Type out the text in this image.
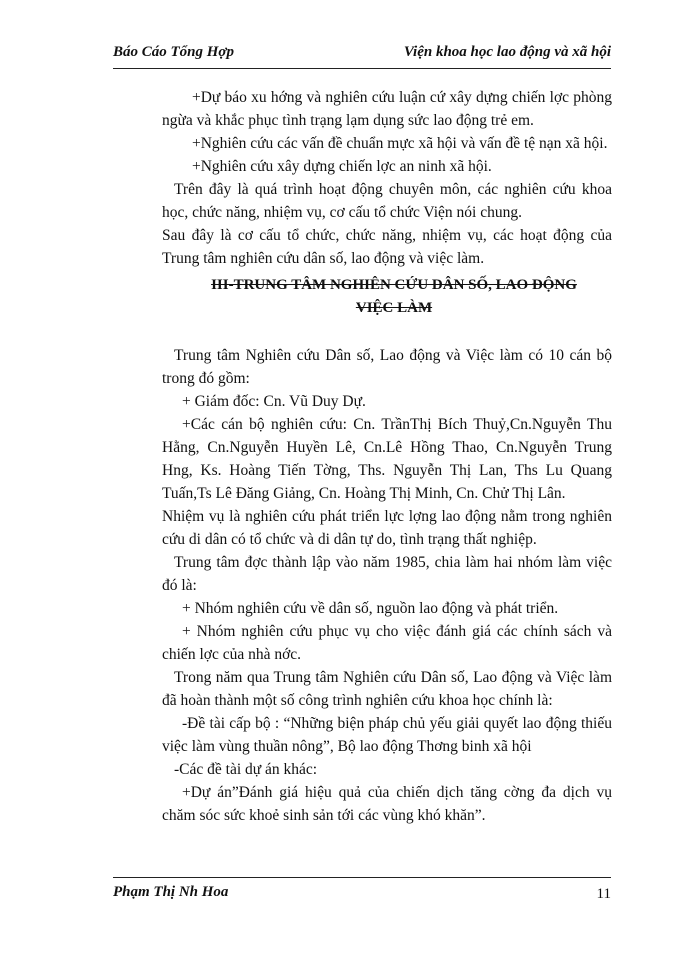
Báo Cáo Tổng Hợp	Viện khoa học lao động và xã hội

+Dự báo xu hớng và nghiên cứu luận cứ xây dựng chiến lợc phòng ngừa và khắc phục tình trạng lạm dụng sức lao động trẻ em.

+Nghiên cứu các vấn đề chuẩn mực xã hội và vấn đề tệ nạn xã hội.

+Nghiên cứu xây dựng chiến lợc an ninh xã hội.

Trên đây là quá trình hoạt động chuyên môn, các nghiên cứu khoa học, chức năng, nhiệm vụ, cơ cấu tổ chức Viện nói chung.

Sau đây là cơ cấu tổ chức, chức năng, nhiệm vụ, các hoạt động của Trung tâm nghiên cứu dân số, lao động và việc làm.

III-TRUNG TÂM NGHIÊN CỨU DÂN SỐ, LAO ĐỘNG
VIỆC LÀM

Trung tâm Nghiên cứu Dân số, Lao động và Việc làm có 10 cán bộ trong đó gồm:

+ Giám đốc: Cn. Vũ Duy Dự.

+Các cán bộ nghiên cứu: Cn. TrầnThị Bích Thuỷ,Cn.Nguyễn Thu Hằng, Cn.Nguyễn Huyền Lê, Cn.Lê Hồng Thao, Cn.Nguyễn Trung Hng, Ks. Hoàng Tiến Tờng, Ths. Nguyễn Thị Lan, Ths Lu Quang Tuấn,Ts Lê Đăng Giảng, Cn. Hoàng Thị Minh, Cn. Chử Thị Lân.

Nhiệm vụ là nghiên cứu phát triển lực lợng lao động nằm trong nghiên cứu di dân có tổ chức và di dân tự do, tình trạng thất nghiệp.

Trung tâm đợc thành lập vào năm 1985, chia làm hai nhóm làm việc đó là:

+ Nhóm nghiên cứu về dân số, nguồn lao động và phát triển.

+ Nhóm nghiên cứu phục vụ cho việc đánh giá các chính sách và chiến lợc của nhà nớc.

Trong năm qua Trung tâm Nghiên cứu Dân số, Lao động và Việc làm đã hoàn thành một số công trình nghiên cứu khoa học chính là:

-Đề tài cấp bộ : “Những biện pháp chủ yếu giải quyết lao động thiếu việc làm vùng thuần nông”, Bộ lao động Thơng binh xã hội

-Các đề tài dự án khác:

+Dự án”Đánh giá hiệu quả của chiến dịch tăng cờng đa dịch vụ chăm sóc sức khoẻ sinh sản tới các vùng khó khăn”.

Phạm Thị Nh Hoa	11
